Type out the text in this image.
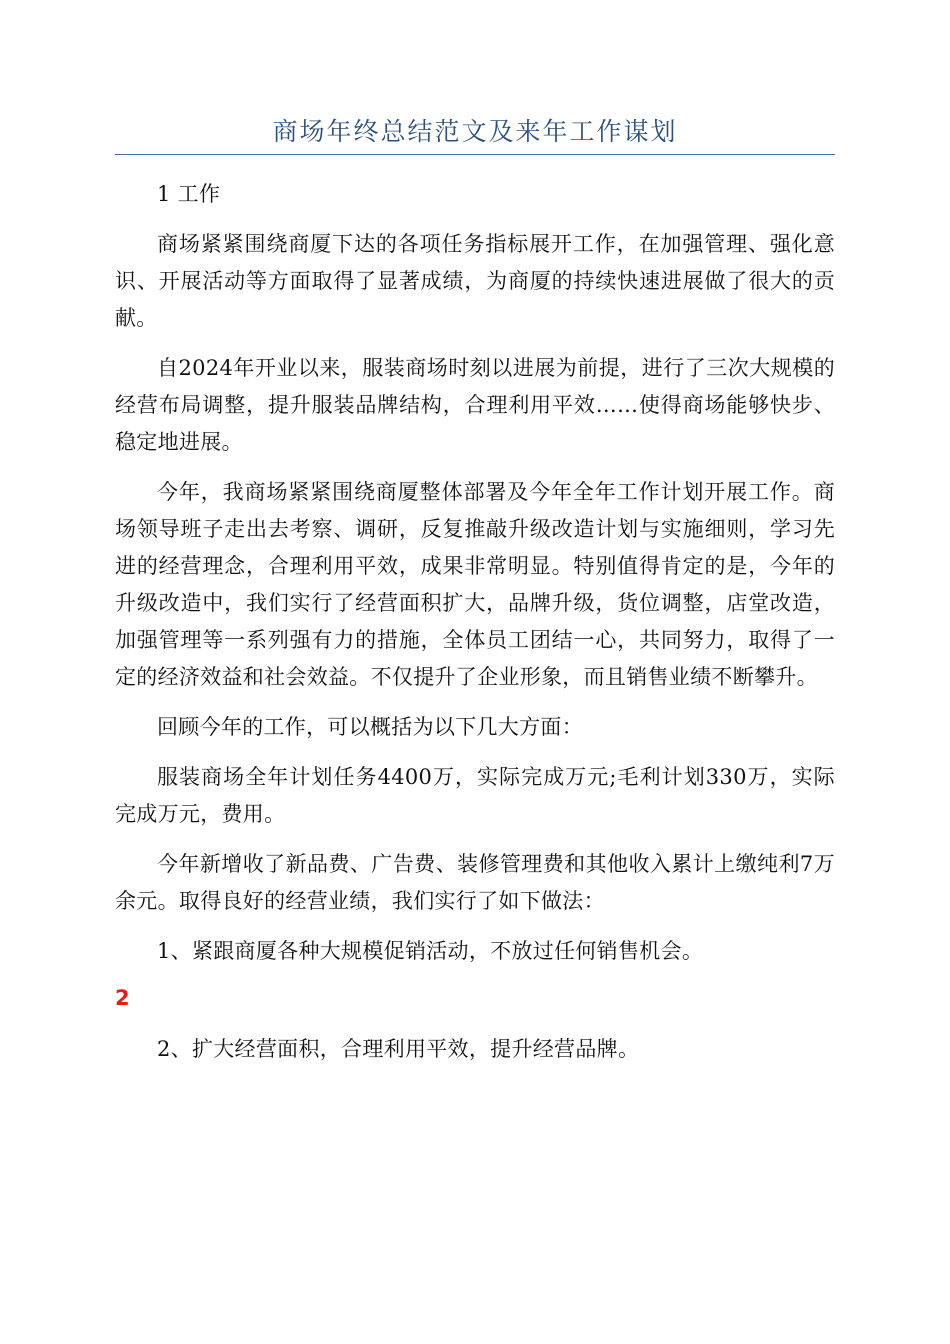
商场年终总结范文及来年工作谋划

1 工作

商场紧紧围绕商厦下达的各项任务指标展开工作，在加强管理、强化意识、开展活动等方面取得了显著成绩，为商厦的持续快速进展做了很大的贡献。

自2024年开业以来，服装商场时刻以进展为前提，进行了三次大规模的经营布局调整，提升服装品牌结构，合理利用平效……使得商场能够快步、稳定地进展。

今年，我商场紧紧围绕商厦整体部署及今年全年工作计划开展工作。商场领导班子走出去考察、调研，反复推敲升级改造计划与实施细则，学习先进的经营理念，合理利用平效，成果非常明显。特别值得肯定的是，今年的升级改造中，我们实行了经营面积扩大，品牌升级，货位调整，店堂改造，加强管理等一系列强有力的措施，全体员工团结一心，共同努力，取得了一定的经济效益和社会效益。不仅提升了企业形象，而且销售业绩不断攀升。

回顾今年的工作，可以概括为以下几大方面：

服装商场全年计划任务4400万，实际完成万元;毛利计划330万，实际完成万元，费用。

今年新增收了新品费、广告费、装修管理费和其他收入累计上缴纯利7万余元。取得良好的经营业绩，我们实行了如下做法：

1、紧跟商厦各种大规模促销活动，不放过任何销售机会。

2

2、扩大经营面积，合理利用平效，提升经营品牌。
